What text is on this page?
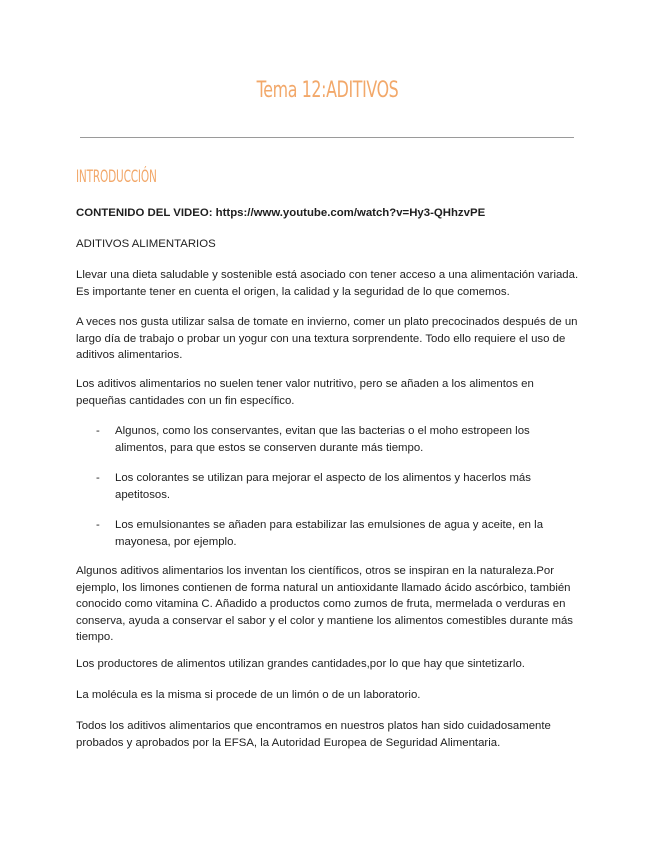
Tema 12:ADITIVOS
INTRODUCCIÓN
CONTENIDO DEL VIDEO: https://www.youtube.com/watch?v=Hy3-QHhzvPE
ADITIVOS ALIMENTARIOS
Llevar una dieta saludable y sostenible está asociado con tener acceso a una alimentación variada. Es importante tener en cuenta el origen, la calidad y la seguridad de lo que comemos.
A veces nos gusta utilizar salsa de tomate en invierno, comer un plato precocinados después de un largo día de trabajo o probar un yogur con una textura sorprendente. Todo ello requiere el uso de aditivos alimentarios.
Los aditivos alimentarios no suelen tener valor nutritivo, pero se añaden a los alimentos en pequeñas cantidades con un fin específico.
- Algunos, como los conservantes, evitan que las bacterias o el moho estropeen los alimentos, para que estos se conserven durante más tiempo.
- Los colorantes se utilizan para mejorar el aspecto de los alimentos y hacerlos más apetitosos.
- Los emulsionantes se añaden para estabilizar las emulsiones de agua y aceite, en la mayonesa, por ejemplo.
Algunos aditivos alimentarios los inventan los científicos, otros se inspiran en la naturaleza.Por ejemplo, los limones contienen de forma natural un antioxidante llamado ácido ascórbico, también conocido como vitamina C. Añadido a productos como zumos de fruta, mermelada o verduras en conserva, ayuda a conservar el sabor y el color y mantiene los alimentos comestibles durante más tiempo.
Los productores de alimentos utilizan grandes cantidades,por lo que hay que sintetizarlo.
La molécula es la misma si procede de un limón o de un laboratorio.
Todos los aditivos alimentarios que encontramos en nuestros platos han sido cuidadosamente probados y aprobados por la EFSA, la Autoridad Europea de Seguridad Alimentaria.
